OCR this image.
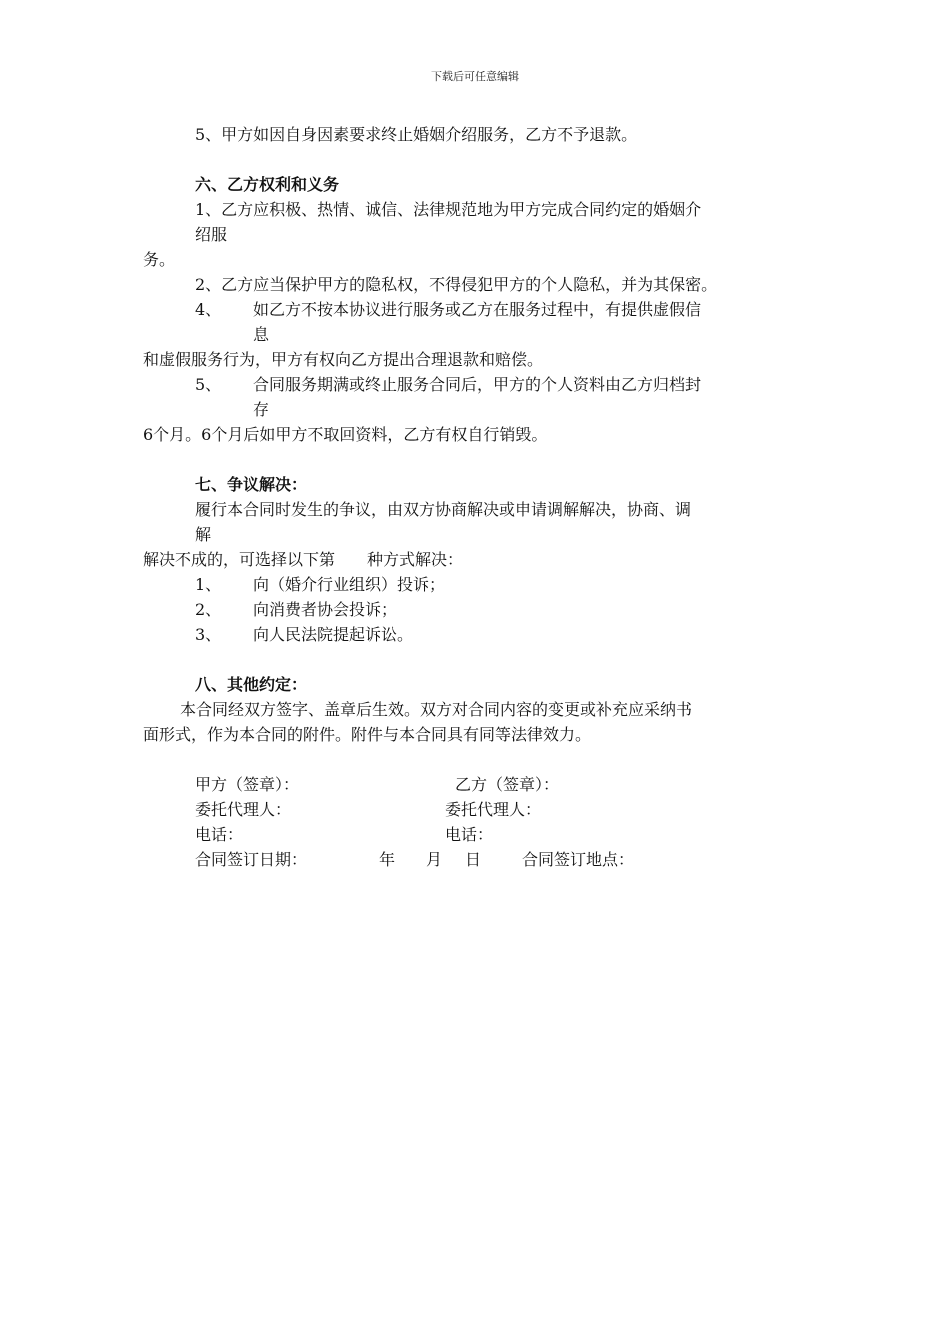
下载后可任意编辑
5、甲方如因自身因素要求终止婚姻介绍服务，乙方不予退款。
六、乙方权利和义务
1、乙方应积极、热情、诚信、法律规范地为甲方完成合同约定的婚姻介
绍服
务。
2、乙方应当保护甲方的隐私权，不得侵犯甲方的个人隐私，并为其保密。
4、 如乙方不按本协议进行服务或乙方在服务过程中，有提供虚假信
息
和虚假服务行为，甲方有权向乙方提出合理退款和赔偿。
5、 合同服务期满或终止服务合同后，甲方的个人资料由乙方归档封
存
6个月。6个月后如甲方不取回资料，乙方有权自行销毁。
七、争议解决：
履行本合同时发生的争议，由双方协商解决或申请调解解决，协商、调
解
解决不成的，可选择以下第　　种方式解决：
1、 向（婚介行业组织）投诉；
2、 向消费者协会投诉；
3、 向人民法院提起诉讼。
八、其他约定：
本合同经双方签字、盖章后生效。双方对合同内容的变更或补充应采纳书
面形式，作为本合同的附件。附件与本合同具有同等法律效力。
甲方（签章）：	乙方（签章）：
委托代理人：	委托代理人：
电话：	电话：
合同签订日期：	年 月 日	合同签订地点：
